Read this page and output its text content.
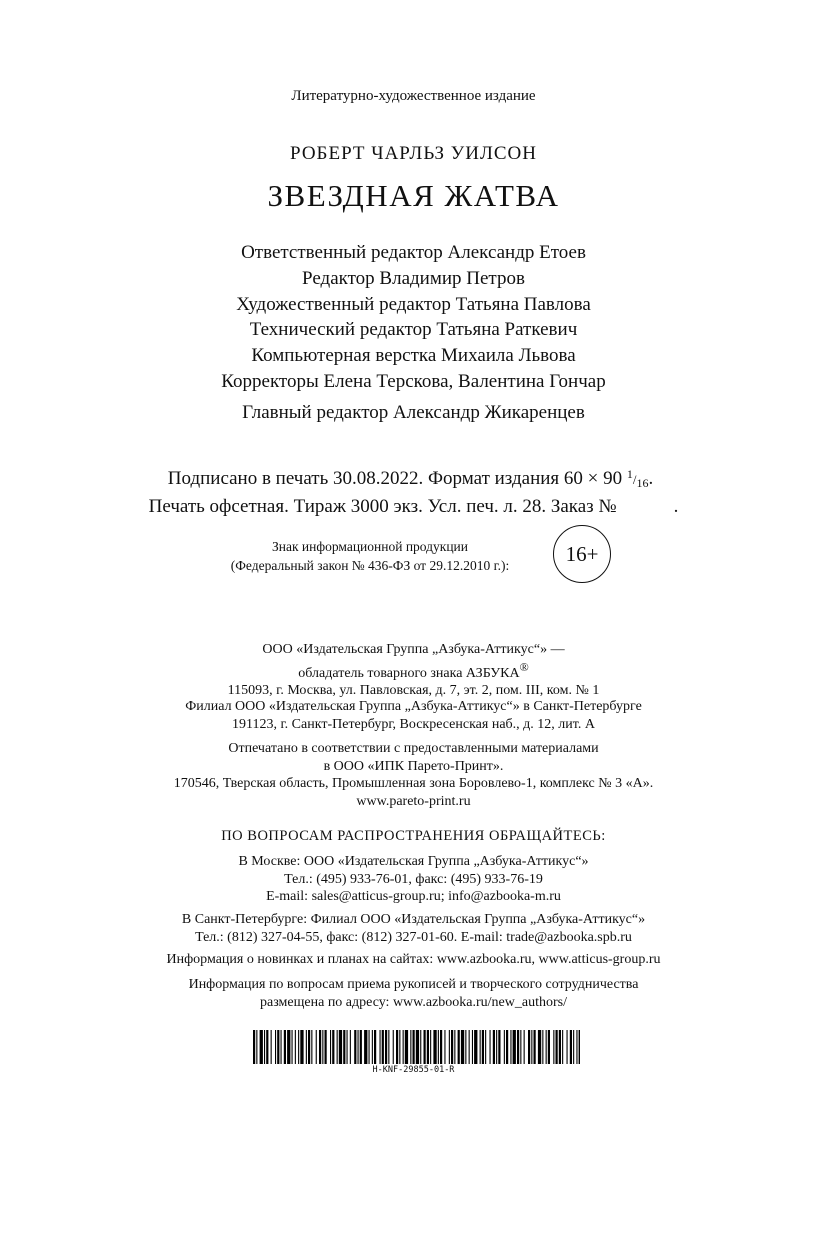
Литературно-художественное издание
РОБЕРТ ЧАРЛЬЗ УИЛСОН
ЗВЕЗДНАЯ ЖАТВА
Ответственный редактор Александр Етоев
Редактор Владимир Петров
Художественный редактор Татьяна Павлова
Технический редактор Татьяна Раткевич
Компьютерная верстка Михаила Львова
Корректоры Елена Терскова, Валентина Гончар
Главный редактор Александр Жикаренцев
Подписано в печать 30.08.2022. Формат издания 60 × 90 1/16.
Печать офсетная. Тираж 3000 экз. Усл. печ. л. 28. Заказ №            .
Знак информационной продукции
(Федеральный закон № 436-ФЗ от 29.12.2010 г.):	16+
ООО «Издательская Группа „Азбука-Аттикус“» —
обладатель товарного знака АЗБУКА®
115093, г. Москва, ул. Павловская, д. 7, эт. 2, пом. III, ком. № 1
Филиал ООО «Издательская Группа „Азбука-Аттикус“» в Санкт-Петербурге
191123, г. Санкт-Петербург, Воскресенская наб., д. 12, лит. А
Отпечатано в соответствии с предоставленными материалами
в ООО «ИПК Парето-Принт».
170546, Тверская область, Промышленная зона Боровлево-1, комплекс № 3 «А».
www.pareto-print.ru
ПО ВОПРОСАМ РАСПРОСТРАНЕНИЯ ОБРАЩАЙТЕСЬ:
В Москве: ООО «Издательская Группа „Азбука-Аттикус“»
Тел.: (495) 933-76-01, факс: (495) 933-76-19
E-mail: sales@atticus-group.ru; info@azbooka-m.ru
В Санкт-Петербурге: Филиал ООО «Издательская Группа „Азбука-Аттикус“»
Тел.: (812) 327-04-55, факс: (812) 327-01-60. E-mail: trade@azbooka.spb.ru
Информация о новинках и планах на сайтах: www.azbooka.ru, www.atticus-group.ru
Информация по вопросам приема рукописей и творческого сотрудничества
размещена по адресу: www.azbooka.ru/new_authors/
H-KNF-29855-01-R
